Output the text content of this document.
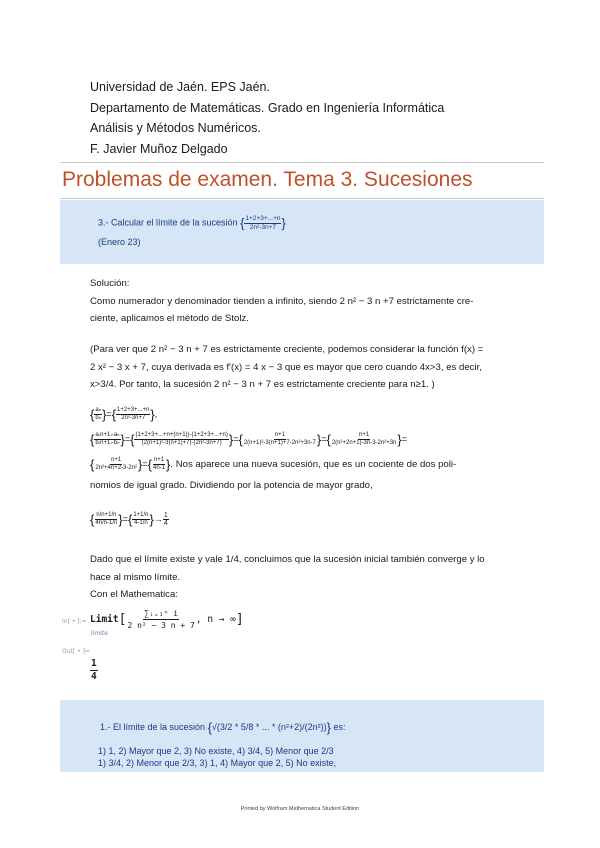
Universidad de Jaén. EPS Jaén.
Departamento de Matemáticas. Grado en Ingeniería Informática
Análisis y Métodos Numéricos.
F. Javier Muñoz Delgado
Problemas de examen. Tema 3. Sucesiones
3.- Calcular el límite de la sucesión { $\frac{1+2+3+...+n}{\text{2n²-3n+7}}$ }
(Enero 23)
Solución:
Como numerador y denominador tienden a infinito, siendo 2 n² − 3 n +7 estrictamente cre-
ciente, aplicamos el método de Stolz.
(Para ver que 2 n² − 3 n + 7 es estrictamente creciente, podemos considerar la función f(x) =
2 x² − 3 x + 7, cuya derivada es f'(x) = 4 x − 3 que es mayor que cero cuando 4x>3, es decir,
x>3/4. Por tanto, la sucesión 2 n² − 3 n + 7 es estrictamente creciente para n≥1. )
{ $\frac{\text{aₙ}}{\text{bₙ}}$ }={ $\frac{1+2+3+...+n}{\text{2n²-3n+7}}$ },
{ $\frac{\text{a₍n+1₎-aₙ}}{\text{b₍n+1₎-bₙ}}$ }={ $\frac{(1+2+3+...+n+(n+1))-(1+2+3+...+n)}{\text{(2(n+1)²-3(n+1)+7)-(2n²-3n+7)}}$ }={ $\frac{n+1}{\text{2(n+1)²-3(n+1)+7-2n²+3n-7}}$ }={ $\frac{n+1}{\text{2(n²+2n+1)-3n-3-2n²+3n}}$ }=
{ $\frac{n+1}{\text{2n²+4n+2-3-2n²}}$ }={ $\frac{n+1}{4n-1}$ }. Nos aparece una nueva sucesión, que es un cociente de dos poli-
nomios de igual grado. Dividiendo por la potencia de mayor grado,
{ $\frac{n/n+1/n}{4n/n-1/n}$ }={ $\frac{1+1/n}{4-1/n}$ }→ $\frac{1}{4}$
Dado que el límite existe y vale 1/4, concluimos que la sucesión inicial también converge y lo
hace al mismo límite.
Con el Mathematica:
In[ • ]:= Limit[ $\frac{\text{∑ᵢ₌₁ⁿ i}}{\text{2 n² − 3 n + 7}}$ , n → ∞]
límite
Out[ • ]=
$\frac{1}{4}$
1.- El límite de la sucesión {√(3/2 * 5/8 * ... * (n²+2)/(2n²))} es:
1) 1, 2) Mayor que 2, 3) No existe, 4) 3/4, 5) Menor que 2/3
1) 3/4, 2) Menor que 2/3, 3) 1, 4) Mayor que 2, 5) No existe,
Printed by Wolfram Mathematica Student Edition
